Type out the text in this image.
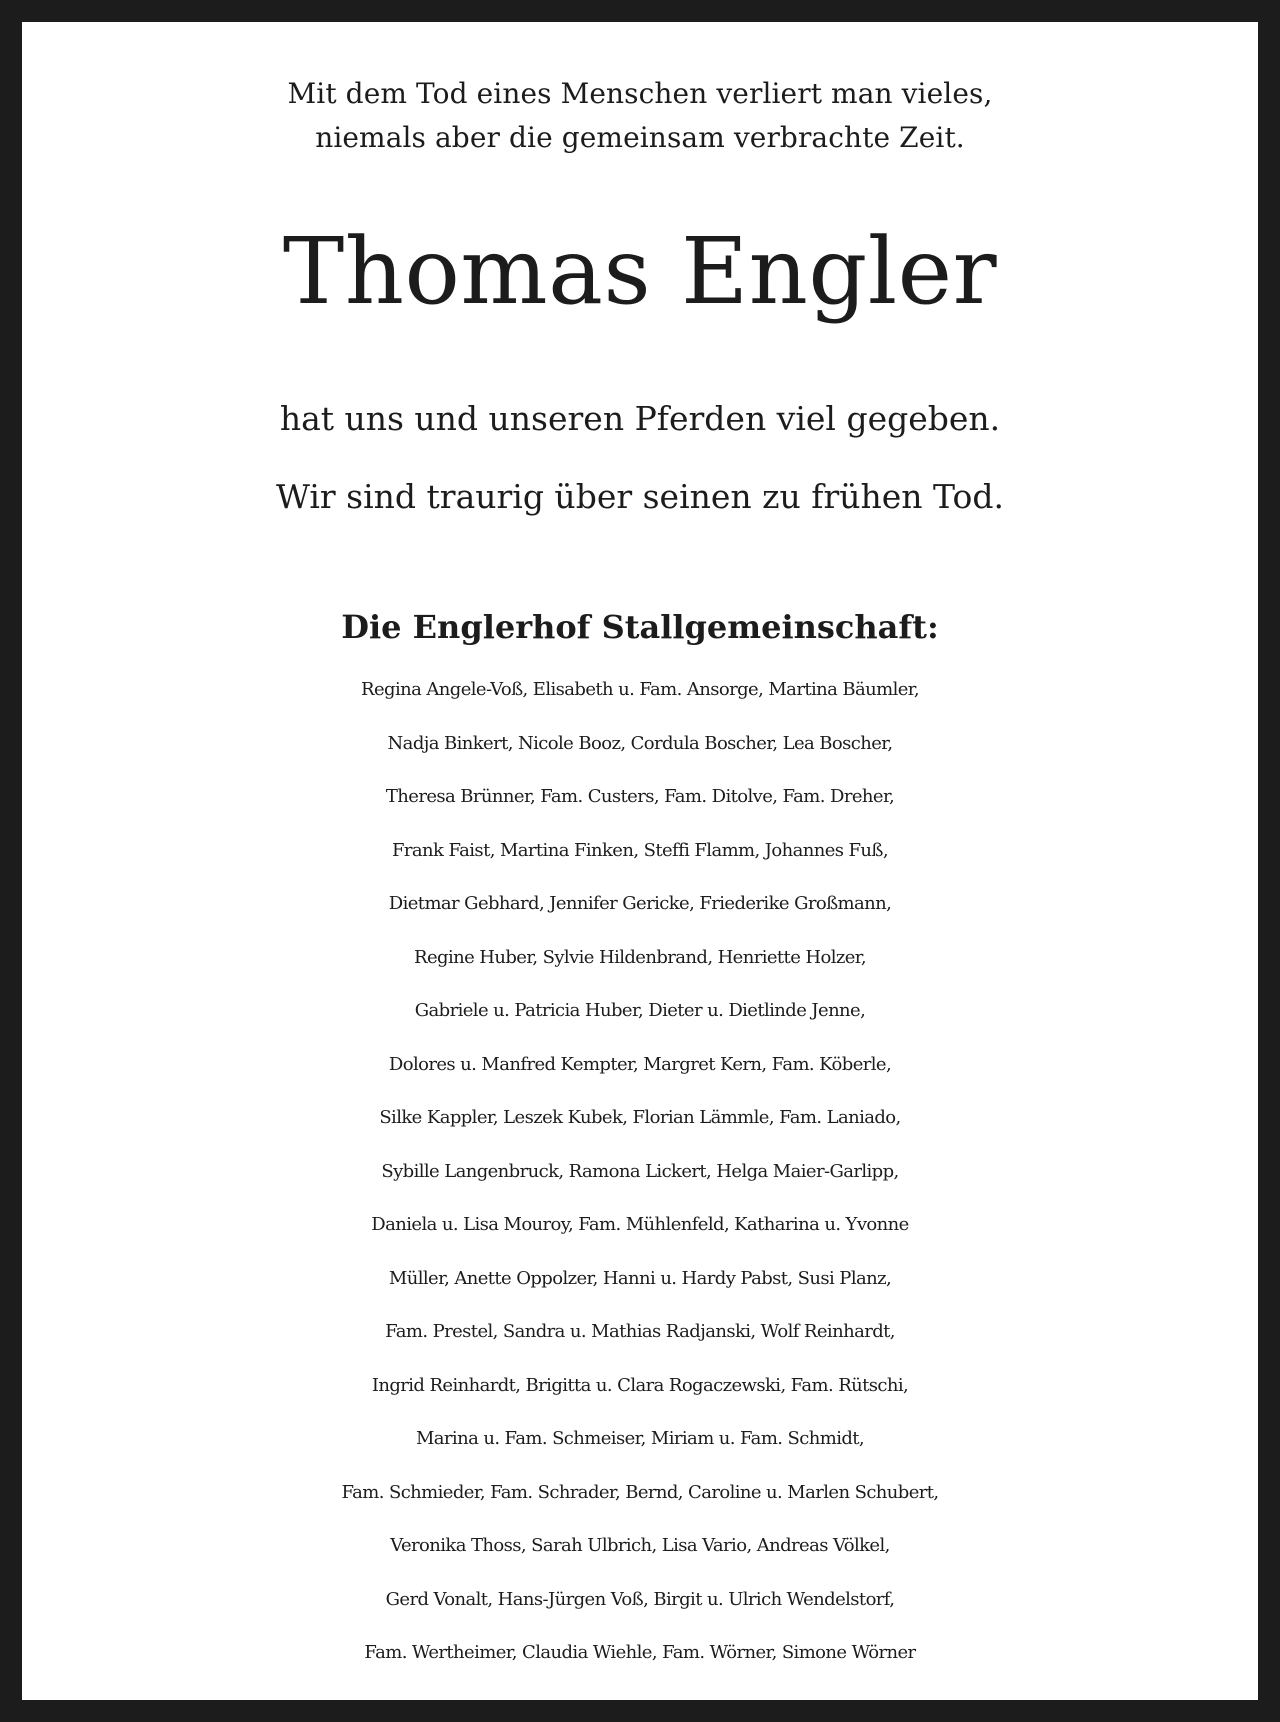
Mit dem Tod eines Menschen verliert man vieles,
niemals aber die gemeinsam verbrachte Zeit.
Thomas Engler
hat uns und unseren Pferden viel gegeben.
Wir sind traurig über seinen zu frühen Tod.
Die Englerhof Stallgemeinschaft:
Regina Angele-Voß, Elisabeth u. Fam. Ansorge, Martina Bäumler,
Nadja Binkert, Nicole Booz, Cordula Boscher, Lea Boscher,
Theresa Brünner, Fam. Custers, Fam. Ditolve, Fam. Dreher,
Frank Faist, Martina Finken, Steffi Flamm, Johannes Fuß,
Dietmar Gebhard, Jennifer Gericke, Friederike Großmann,
Regine Huber, Sylvie Hildenbrand, Henriette Holzer,
Gabriele u. Patricia Huber, Dieter u. Dietlinde Jenne,
Dolores u. Manfred Kempter, Margret Kern, Fam. Köberle,
Silke Kappler, Leszek Kubek, Florian Lämmle, Fam. Laniado,
Sybille Langenbruck, Ramona Lickert, Helga Maier-Garlipp,
Daniela u. Lisa Mouroy, Fam. Mühlenfeld, Katharina u. Yvonne
Müller, Anette Oppolzer, Hanni u. Hardy Pabst, Susi Planz,
Fam. Prestel, Sandra u. Mathias Radjanski, Wolf Reinhardt,
Ingrid Reinhardt, Brigitta u. Clara Rogaczewski, Fam. Rütschi,
Marina u. Fam. Schmeiser, Miriam u. Fam. Schmidt,
Fam. Schmieder, Fam. Schrader, Bernd, Caroline u. Marlen Schubert,
Veronika Thoss, Sarah Ulbrich, Lisa Vario, Andreas Völkel,
Gerd Vonalt, Hans-Jürgen Voß, Birgit u. Ulrich Wendelstorf,
Fam. Wertheimer, Claudia Wiehle, Fam. Wörner, Simone Wörner
